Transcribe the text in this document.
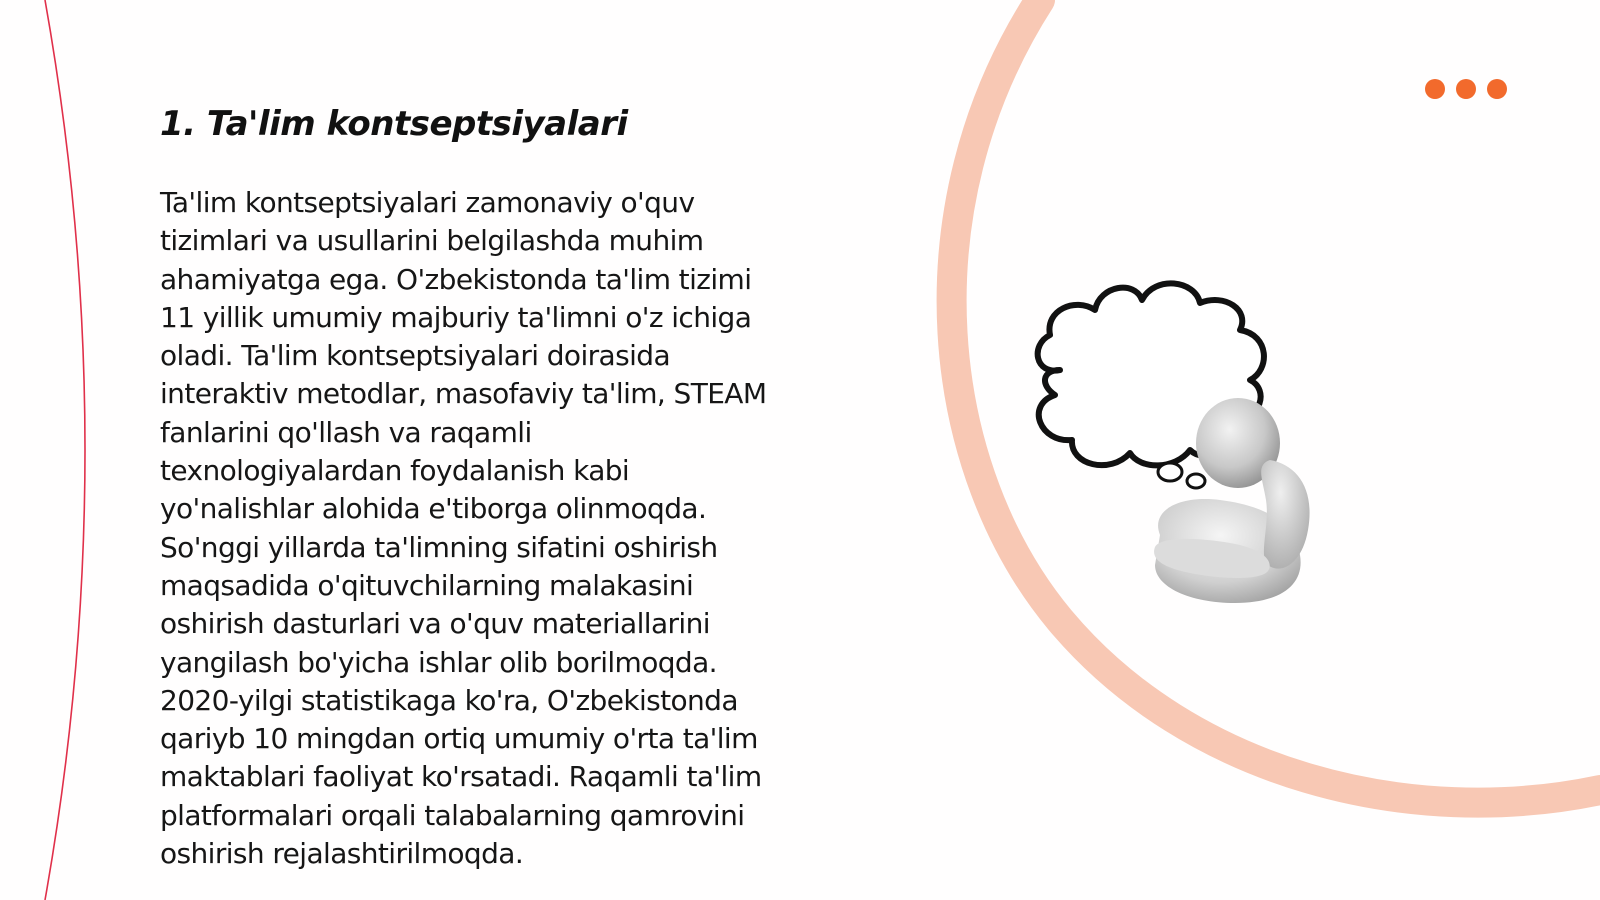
1. Ta'lim kontseptsiyalari

Ta'lim kontseptsiyalari zamonaviy o'quv
tizimlari va usullarini belgilashda muhim
ahamiyatga ega. O'zbekistonda ta'lim tizimi
11 yillik umumiy majburiy ta'limni o'z ichiga
oladi. Ta'lim kontseptsiyalari doirasida
interaktiv metodlar, masofaviy ta'lim, STEAM
fanlarini qo'llash va raqamli
texnologiyalardan foydalanish kabi
yo'nalishlar alohida e'tiborga olinmoqda.
So'nggi yillarda ta'limning sifatini oshirish
maqsadida o'qituvchilarning malakasini
oshirish dasturlari va o'quv materiallarini
yangilash bo'yicha ishlar olib borilmoqda.
2020-yilgi statistikaga ko'ra, O'zbekistonda
qariyb 10 mingdan ortiq umumiy o'rta ta'lim
maktablari faoliyat ko'rsatadi. Raqamli ta'lim
platformalari orqali talabalarning qamrovini
oshirish rejalashtirilmoqda.
